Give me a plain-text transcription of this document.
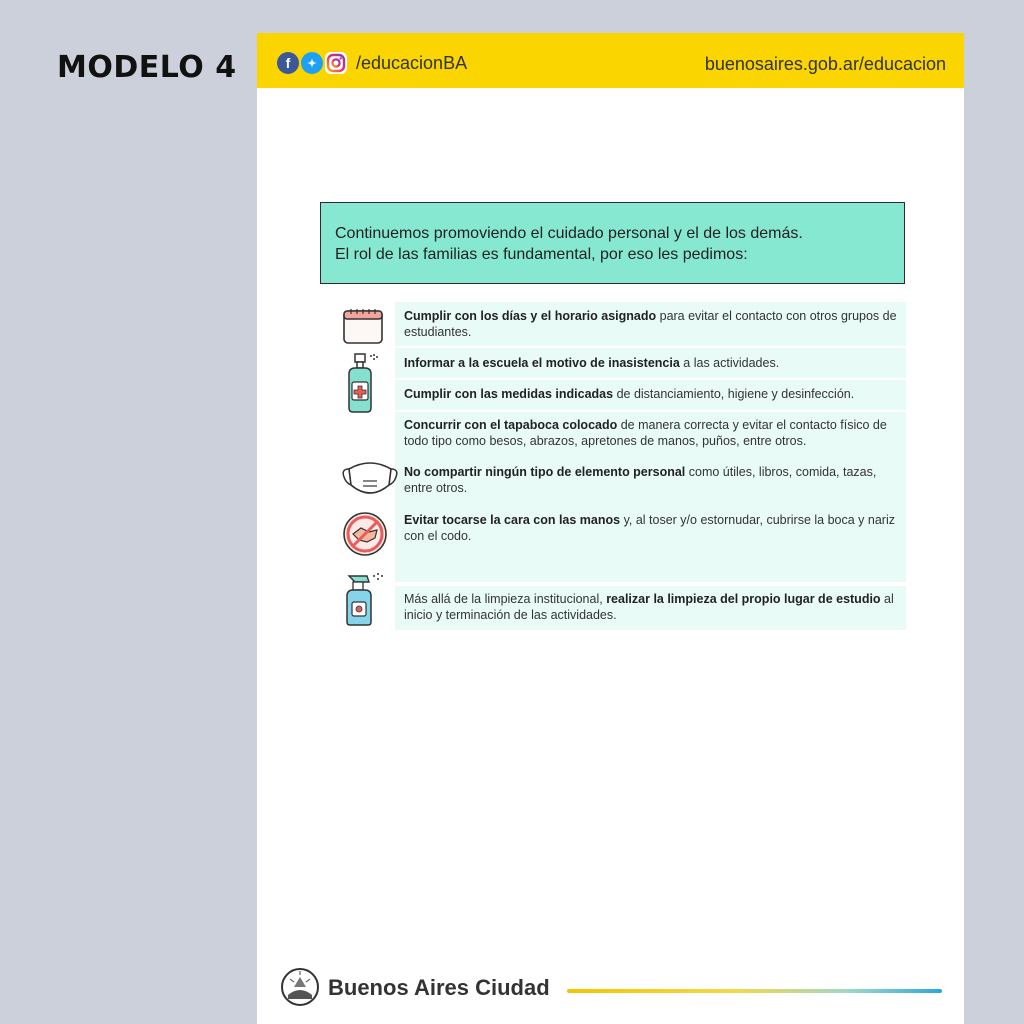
MODELO 4	f	✦	/educacionBA	buenosaires.gob.ar/educacion
Continuemos promoviendo el cuidado personal y el de los demás.
El rol de las familias es fundamental, por eso les pedimos:
Cumplir con los días y el horario asignado para evitar el contacto con otros grupos de estudiantes.
Informar a la escuela el motivo de inasistencia a las actividades.
Cumplir con las medidas indicadas de distanciamiento, higiene y desinfección.
Concurrir con el tapaboca colocado de manera correcta y evitar el contacto físico de todo tipo como besos, abrazos, apretones de manos, puños, entre otros.
No compartir ningún tipo de elemento personal como útiles, libros, comida, tazas, entre otros.
Evitar tocarse la cara con las manos y, al toser y/o estornudar, cubrirse la boca y nariz con el codo.
Más allá de la limpieza institucional, realizar la limpieza del propio lugar de estudio al inicio y terminación de las actividades.
Buenos Aires Ciudad
